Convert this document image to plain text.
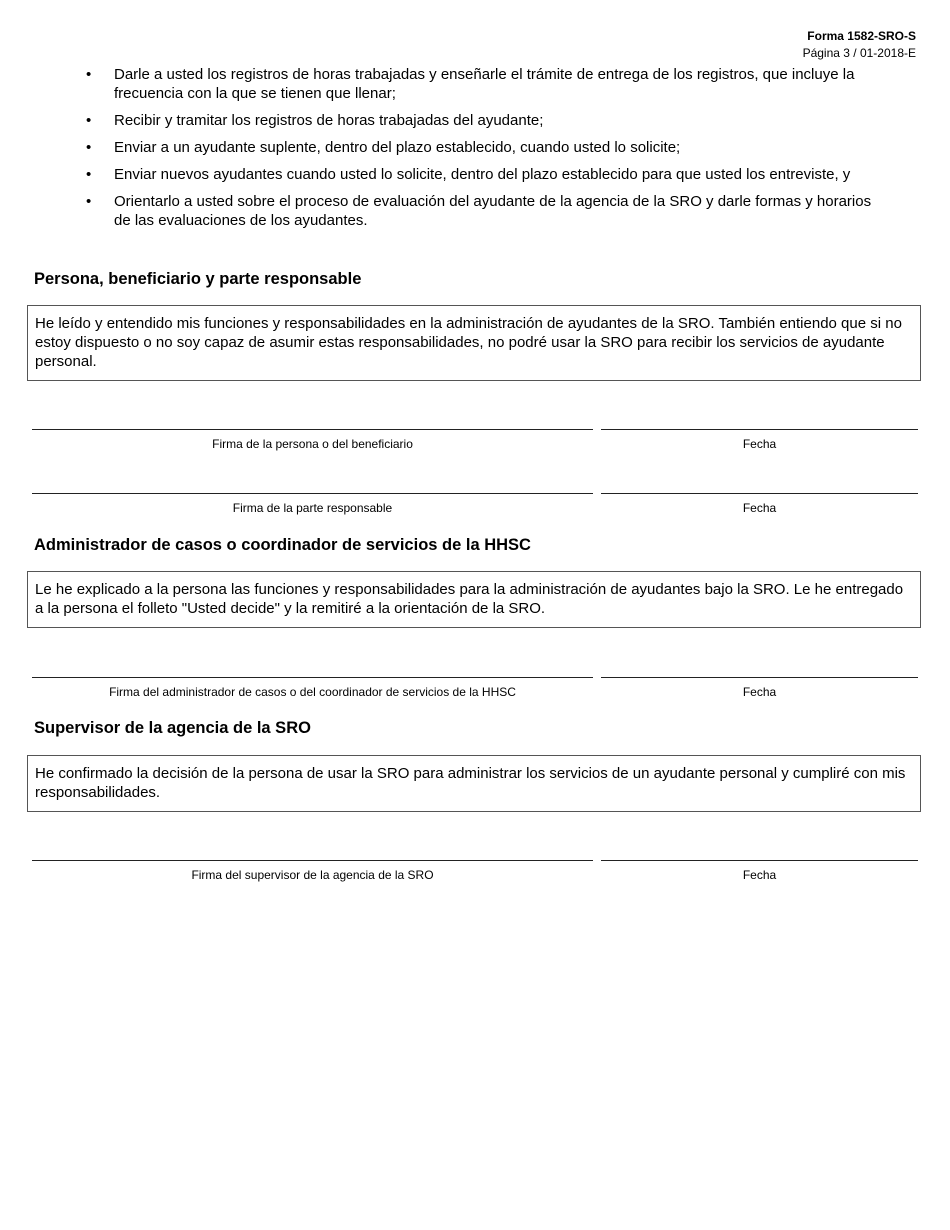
Forma 1582-SRO-S
Página 3 / 01-2018-E
• Darle a usted los registros de horas trabajadas y enseñarle el trámite de entrega de los registros, que incluye la frecuencia con la que se tienen que llenar;
• Recibir y tramitar los registros de horas trabajadas del ayudante;
• Enviar a un ayudante suplente, dentro del plazo establecido, cuando usted lo solicite;
• Enviar nuevos ayudantes cuando usted lo solicite, dentro del plazo establecido para que usted los entreviste, y
• Orientarlo a usted sobre el proceso de evaluación del ayudante de la agencia de la SRO y darle formas y horarios de las evaluaciones de los ayudantes.
Persona, beneficiario y parte responsable
He leído y entendido mis funciones y responsabilidades en la administración de ayudantes de la SRO. También entiendo que si no estoy dispuesto o no soy capaz de asumir estas responsabilidades, no podré usar la SRO para recibir los servicios de ayudante personal.
Firma de la persona o del beneficiario	Fecha
Firma de la parte responsable	Fecha
Administrador de casos o coordinador de servicios de la HHSC
Le he explicado a la persona las funciones y responsabilidades para la administración de ayudantes bajo la SRO. Le he entregado a la persona el folleto "Usted decide" y la remitiré a la orientación de la SRO.
Firma del administrador de casos o del coordinador de servicios de la HHSC	Fecha
Supervisor de la agencia de la SRO
He confirmado la decisión de la persona de usar la SRO para administrar los servicios de un ayudante personal y cumpliré con mis responsabilidades.
Firma del supervisor de la agencia de la SRO	Fecha
